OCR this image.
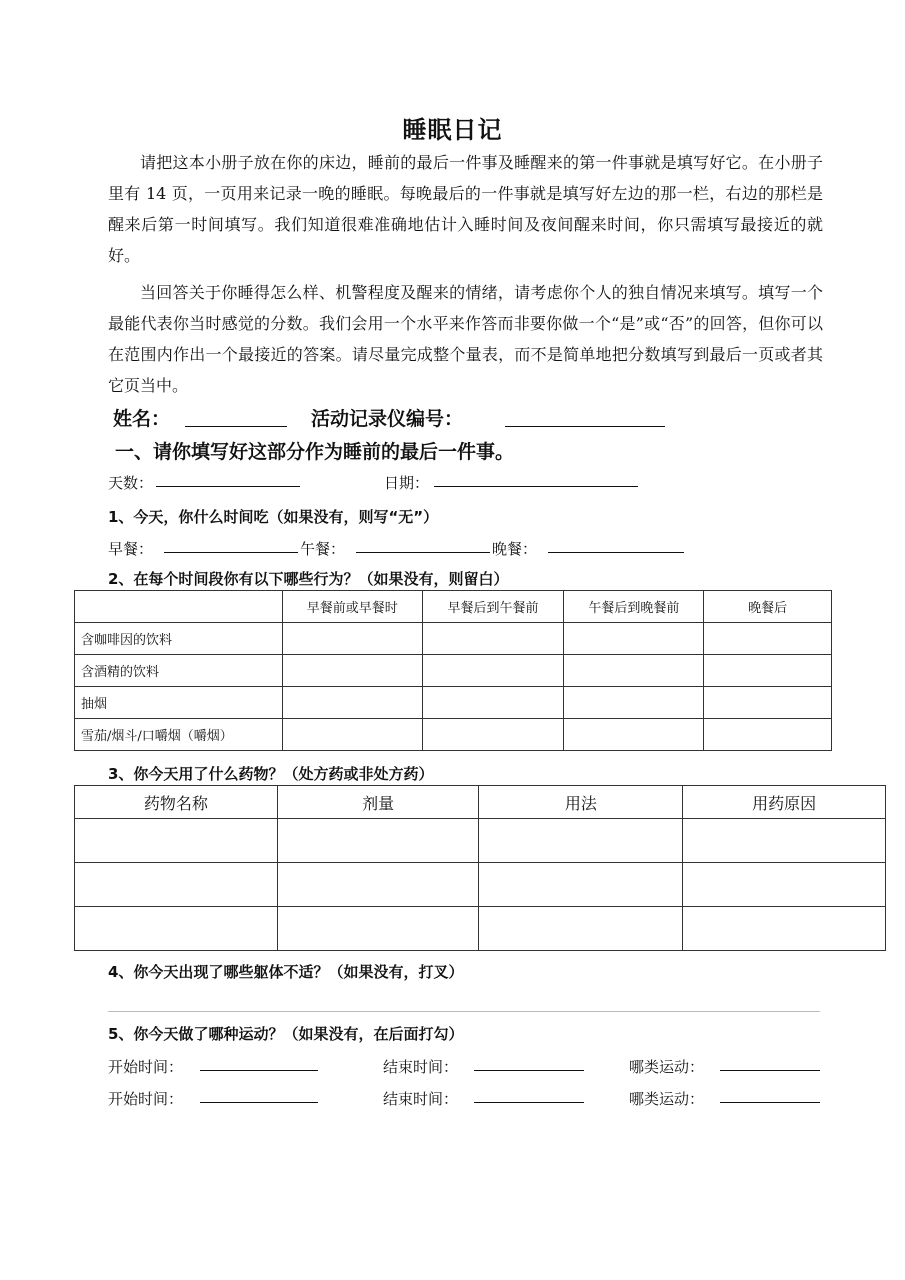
睡眠日记
请把这本小册子放在你的床边，睡前的最后一件事及睡醒来的第一件事就是填写好它。在小册子里有 14 页，一页用来记录一晚的睡眠。每晚最后的一件事就是填写好左边的那一栏，右边的那栏是醒来后第一时间填写。我们知道很难准确地估计入睡时间及夜间醒来时间，你只需填写最接近的就好。
当回答关于你睡得怎么样、机警程度及醒来的情绪，请考虑你个人的独自情况来填写。填写一个最能代表你当时感觉的分数。我们会用一个水平来作答而非要你做一个“是”或“否”的回答，但你可以在范围内作出一个最接近的答案。请尽量完成整个量表，而不是简单地把分数填写到最后一页或者其它页当中。
姓名：	活动记录仪编号：
一、请你填写好这部分作为睡前的最后一件事。
天数：	日期：
1、今天，你什么时间吃（如果没有，则写“无”）
早餐：	午餐：	晚餐：
2、在每个时间段你有以下哪些行为？（如果没有，则留白）
	早餐前或早餐时	早餐后到午餐前	午餐后到晚餐前	晚餐后
含咖啡因的饮料				
含酒精的饮料				
抽烟				
雪茄/烟斗/口嚼烟（嚼烟）				
3、你今天用了什么药物？（处方药或非处方药）
药物名称	剂量	用法	用药原因

4、你今天出现了哪些躯体不适？（如果没有，打叉）
5、你今天做了哪种运动？（如果没有，在后面打勾）
开始时间：	结束时间：	哪类运动：
开始时间：	结束时间：	哪类运动：
